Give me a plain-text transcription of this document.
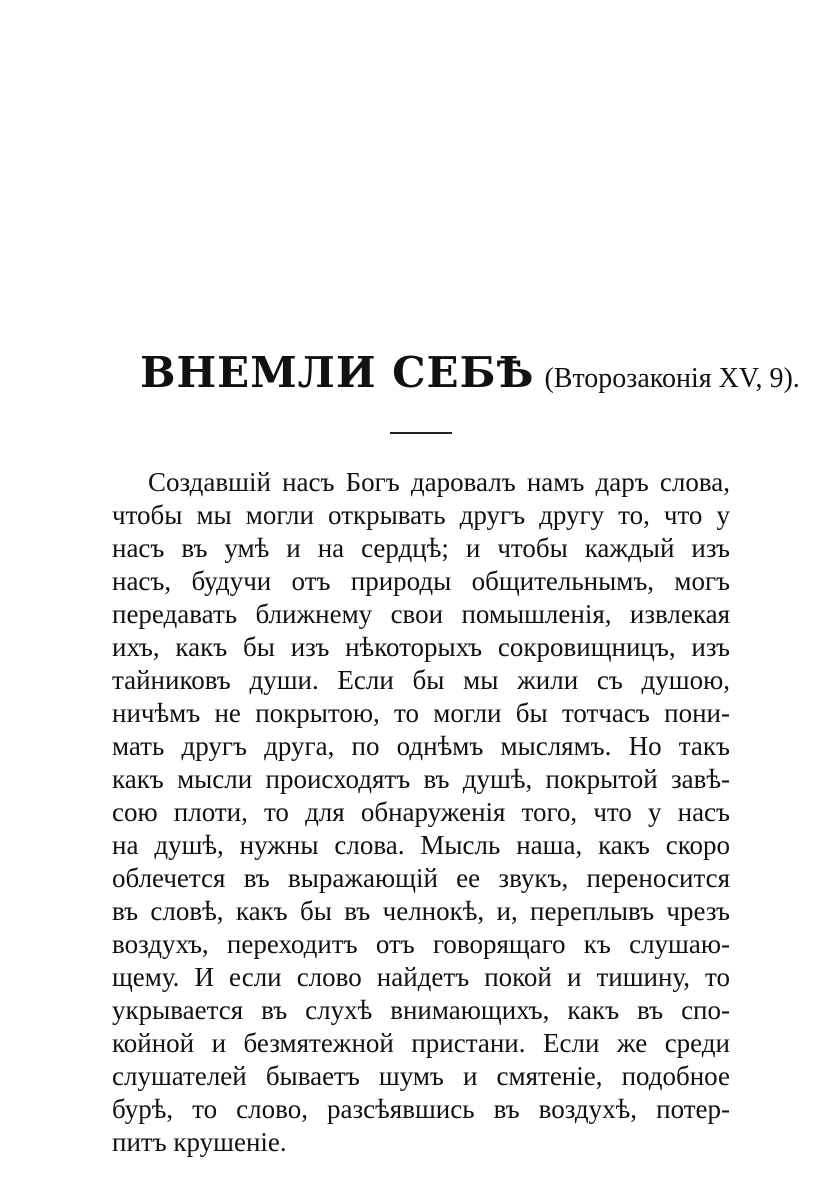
ВНЕМЛИ СЕБѢ (Второзаконія XV, 9).
Создавшій насъ Богъ даровалъ намъ даръ слова,
чтобы мы могли открывать другъ другу то, что у
насъ въ умѣ и на сердцѣ; и чтобы каждый изъ
насъ, будучи отъ природы общительнымъ, могъ
передавать ближнему свои помышленія, извлекая
ихъ, какъ бы изъ нѣкоторыхъ сокровищницъ, изъ
тайниковъ души. Если бы мы жили съ душою,
ничѣмъ не покрытою, то могли бы тотчасъ пони-
мать другъ друга, по однѣмъ мыслямъ. Но такъ
какъ мысли происходятъ въ душѣ, покрытой завѣ-
сою плоти, то для обнаруженія того, что у насъ
на душѣ, нужны слова. Мысль наша, какъ скоро
облечется въ выражающій ее звукъ, переносится
въ словѣ, какъ бы въ челнокѣ, и, переплывъ чрезъ
воздухъ, переходитъ отъ говорящаго къ слушаю-
щему. И если слово найдетъ покой и тишину, то
укрывается въ слухѣ внимающихъ, какъ въ спо-
койной и безмятежной пристани. Если же среди
слушателей бываетъ шумъ и смятеніе, подобное
бурѣ, то слово, разсѣявшись въ воздухѣ, потер-
питъ крушеніе.
